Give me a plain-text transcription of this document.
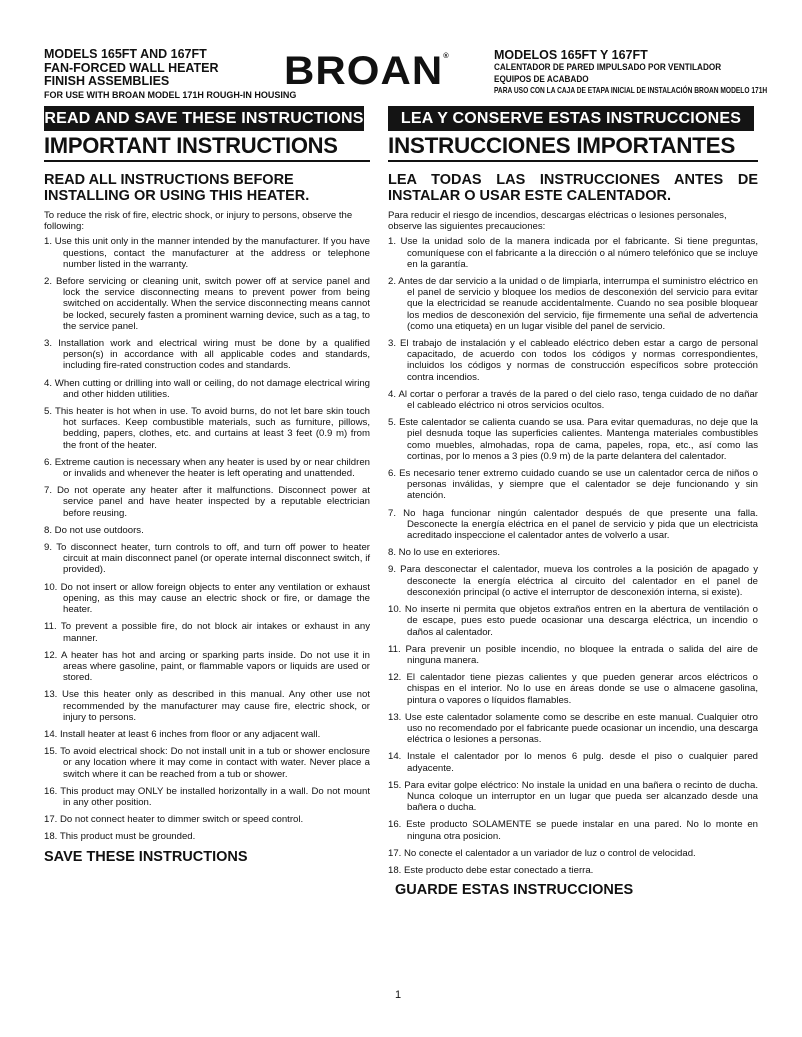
BROAN®
MODELS 165FT AND 167FT
FAN-FORCED WALL HEATER
FINISH ASSEMBLIES
FOR USE WITH BROAN MODEL 171H ROUGH-IN HOUSING
READ AND SAVE THESE INSTRUCTIONS
IMPORTANT INSTRUCTIONS
READ ALL INSTRUCTIONS BEFORE INSTALLING OR USING THIS HEATER.
To reduce the risk of fire, electric shock, or injury to persons, observe the following:
1. Use this unit only in the manner intended by the manufacturer. If you have questions, contact the manufacturer at the address or telephone number listed in the warranty.
2. Before servicing or cleaning unit, switch power off at service panel and lock the service disconnecting means to prevent power from being switched on accidentally. When the service disconnecting means cannot be locked, securely fasten a prominent warning device, such as a tag, to the service panel.
3. Installation work and electrical wiring must be done by a qualified person(s) in accordance with all applicable codes and standards, including fire-rated construction codes and standards.
4. When cutting or drilling into wall or ceiling, do not damage electrical wiring and other hidden utilities.
5. This heater is hot when in use. To avoid burns, do not let bare skin touch hot surfaces. Keep combustible materials, such as furniture, pillows, bedding, papers, clothes, etc. and curtains at least 3 feet (0.9 m) from the front of the heater.
6. Extreme caution is necessary when any heater is used by or near children or invalids and whenever the heater is left operating and unattended.
7. Do not operate any heater after it malfunctions. Disconnect power at service panel and have heater inspected by a reputable electrician before reusing.
8. Do not use outdoors.
9. To disconnect heater, turn controls to off, and turn off power to heater circuit at main disconnect panel (or operate internal disconnect switch, if provided).
10. Do not insert or allow foreign objects to enter any ventilation or exhaust opening, as this may cause an electric shock or fire, or damage the heater.
11. To prevent a possible fire, do not block air intakes or exhaust in any manner.
12. A heater has hot and arcing or sparking parts inside. Do not use it in areas where gasoline, paint, or flammable vapors or liquids are used or stored.
13. Use this heater only as described in this manual. Any other use not recommended by the manufacturer may cause fire, electric shock, or injury to persons.
14. Install heater at least 6 inches from floor or any adjacent wall.
15. To avoid electrical shock: Do not install unit in a tub or shower enclosure or any location where it may come in contact with water. Never place a switch where it can be reached from a tub or shower.
16. This product may ONLY be installed horizontally in a wall. Do not mount in any other position.
17. Do not connect heater to dimmer switch or speed control.
18. This product must be grounded.
SAVE THESE INSTRUCTIONS
MODELOS 165FT Y 167FT
CALENTADOR DE PARED IMPULSADO POR VENTILADOR
EQUIPOS DE ACABADO
PARA USO CON LA CAJA DE ETAPA INICIAL DE INSTALACIÓN BROAN MODELO 171H
LEA Y CONSERVE ESTAS INSTRUCCIONES
INSTRUCCIONES IMPORTANTES
LEA TODAS LAS INSTRUCCIONES ANTES DE INSTALAR O USAR ESTE CALENTADOR.
Para reducir el riesgo de incendios, descargas eléctricas o lesiones personales, observe las siguientes precauciones:
1. Use la unidad solo de la manera indicada por el fabricante. Si tiene preguntas, comuníquese con el fabricante a la dirección o al número telefónico que se incluye en la garantía.
2. Antes de dar servicio a la unidad o de limpiarla, interrumpa el suministro eléctrico en el panel de servicio y bloquee los medios de desconexión del servicio para evitar que la electricidad se reanude accidentalmente. Cuando no sea posible bloquear los medios de desconexión del servicio, fije firmemente una señal de advertencia (como una etiqueta) en un lugar visible del panel de servicio.
3. El trabajo de instalación y el cableado eléctrico deben estar a cargo de personal capacitado, de acuerdo con todos los códigos y normas correspondientes, incluidos los códigos y normas de construcción específicos sobre protección contra incendios.
4. Al cortar o perforar a través de la pared o del cielo raso, tenga cuidado de no dañar el cableado eléctrico ni otros servicios ocultos.
5. Este calentador se calienta cuando se usa. Para evitar quemaduras, no deje que la piel desnuda toque las superficies calientes. Mantenga materiales combustibles como muebles, almohadas, ropa de cama, papeles, ropa, etc., así como las cortinas, por lo menos a 3 pies (0.9 m) de la parte delantera del calentador.
6. Es necesario tener extremo cuidado cuando se use un calentador cerca de niños o personas inválidas, y siempre que el calentador se deje funcionando y sin atención.
7. No haga funcionar ningún calentador después de que presente una falla. Desconecte la energía eléctrica en el panel de servicio y pida que un electricista acreditado inspeccione el calentador antes de volverlo a usar.
8. No lo use en exteriores.
9. Para desconectar el calentador, mueva los controles a la posición de apagado y desconecte la energía eléctrica al circuito del calentador en el panel de desconexión principal (o active el interruptor de desconexión interna, si existe).
10. No inserte ni permita que objetos extraños entren en la abertura de ventilación o de escape, pues esto puede ocasionar una descarga eléctrica, un incendio o daños al calentador.
11. Para prevenir un posible incendio, no bloquee la entrada o salida del aire de ninguna manera.
12. El calentador tiene piezas calientes y que pueden generar arcos eléctricos o chispas en el interior. No lo use en áreas donde se use o almacene gasolina, pintura o vapores o líquidos flamables.
13. Use este calentador solamente como se describe en este manual. Cualquier otro uso no recomendado por el fabricante puede ocasionar un incendio, una descarga eléctrica o lesiones a personas.
14. Instale el calentador por lo menos 6 pulg. desde el piso o cualquier pared adyacente.
15. Para evitar golpe eléctrico: No instale la unidad en una bañera o recinto de ducha. Nunca coloque un interruptor en un lugar que pueda ser alcanzado desde una bañera o ducha.
16. Este producto SOLAMENTE se puede instalar en una pared. No lo monte en ninguna otra posicion.
17. No conecte el calentador a un variador de luz o control de velocidad.
18. Este producto debe estar conectado a tierra.
GUARDE ESTAS INSTRUCCIONES
1
